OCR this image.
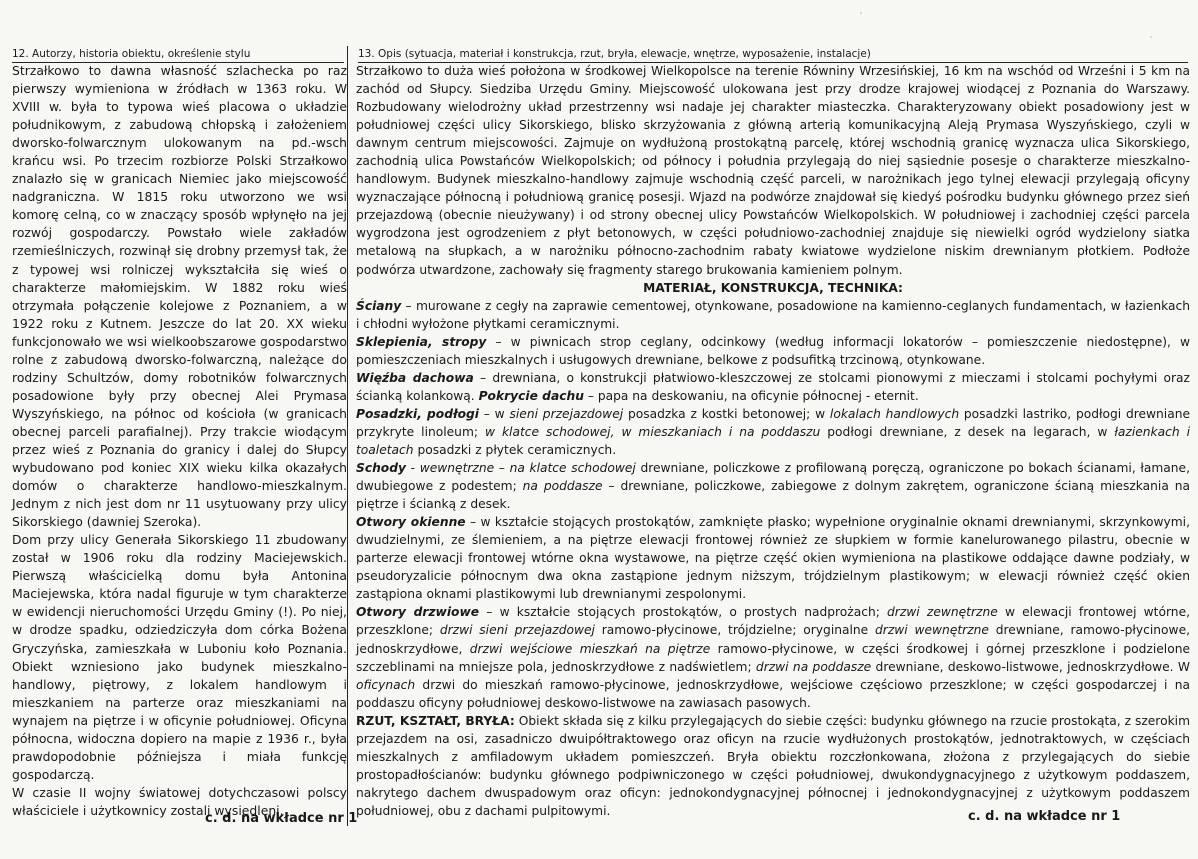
12. Autorzy, historia obiektu, określenie stylu	13. Opis (sytuacja, materiał i konstrukcja, rzut, bryła, elewacje, wnętrze, wyposażenie, instalacje)

Strzałkowo to dawna własność szlachecka po raz pierwszy wymieniona w źródłach w 1363 roku. W XVIII w. była to typowa wieś placowa o układzie południkowym, z zabudową chłopską i założeniem dworsko-folwarcznym ulokowanym na pd.-wsch krańcu wsi. Po trzecim rozbiorze Polski Strzałkowo znalazło się w granicach Niemiec jako miejscowość nadgraniczna. W 1815 roku utworzono we wsi komorę celną, co w znaczący sposób wpłynęło na jej rozwój gospodarczy. Powstało wiele zakładów rzemieślniczych, rozwinął się drobny przemysł tak, że z typowej wsi rolniczej wykształciła się wieś o charakterze małomiejskim. W 1882 roku wieś otrzymała połączenie kolejowe z Poznaniem, a w 1922 roku z Kutnem. Jeszcze do lat 20. XX wieku funkcjonowało we wsi wielkoobszarowe gospodarstwo rolne z zabudową dworsko-folwarczną, należące do rodziny Schultzów, domy robotników folwarcznych posadowione były przy obecnej Alei Prymasa Wyszyńskiego, na północ od kościoła (w granicach obecnej parceli parafialnej). Przy trakcie wiodącym przez wieś z Poznania do granicy i dalej do Słupcy wybudowano pod koniec XIX wieku kilka okazałych domów o charakterze handlowo-mieszkalnym. Jednym z nich jest dom nr 11 usytuowany przy ulicy Sikorskiego (dawniej Szeroka).

Dom przy ulicy Generała Sikorskiego 11 zbudowany został w 1906 roku dla rodziny Maciejewskich. Pierwszą właścicielką domu była Antonina Maciejewska, która nadal figuruje w tym charakterze w ewidencji nieruchomości Urzędu Gminy (!). Po niej, w drodze spadku, odziedziczyła dom córka Bożena Gryczyńska, zamieszkała w Luboniu koło Poznania. Obiekt wzniesiono jako budynek mieszkalno-handlowy, piętrowy, z lokalem handlowym i mieszkaniem na parterze oraz mieszkaniami na wynajem na piętrze i w oficynie południowej. Oficyna północna, widoczna dopiero na mapie z 1936 r., była prawdopodobnie późniejsza i miała funkcję gospodarczą.

W czasie II wojny światowej dotychczasowi polscy właściciele i użytkownicy zostali wysiedleni.

c. d. na wkładce nr 1

Strzałkowo to duża wieś położona w środkowej Wielkopolsce na terenie Równiny Wrzesińskiej, 16 km na wschód od Wrześni i 5 km na zachód od Słupcy. Siedziba Urzędu Gminy. Miejscowość ulokowana jest przy drodze krajowej wiodącej z Poznania do Warszawy. Rozbudowany wielodrożny układ przestrzenny wsi nadaje jej charakter miasteczka. Charakteryzowany obiekt posadowiony jest w południowej części ulicy Sikorskiego, blisko skrzyżowania z główną arterią komunikacyjną Aleją Prymasa Wyszyńskiego, czyli w dawnym centrum miejscowości. Zajmuje on wydłużoną prostokątną parcelę, której wschodnią granicę wyznacza ulica Sikorskiego, zachodnią ulica Powstańców Wielkopolskich; od północy i południa przylegają do niej sąsiednie posesje o charakterze mieszkalno-handlowym. Budynek mieszkalno-handlowy zajmuje wschodnią część parceli, w narożnikach jego tylnej elewacji przylegają oficyny wyznaczające północną i południową granicę posesji. Wjazd na podwórze znajdował się kiedyś pośrodku budynku głównego przez sień przejazdową (obecnie nieużywany) i od strony obecnej ulicy Powstańców Wielkopolskich. W południowej i zachodniej części parcela wygrodzona jest ogrodzeniem z płyt betonowych, w części południowo-zachodniej znajduje się niewielki ogród wydzielony siatka metalową na słupkach, a w narożniku północno-zachodnim rabaty kwiatowe wydzielone niskim drewnianym płotkiem. Podłoże podwórza utwardzone, zachowały się fragmenty starego brukowania kamieniem polnym.

MATERIAŁ, KONSTRUKCJA, TECHNIKA:

Ściany – murowane z cegły na zaprawie cementowej, otynkowane, posadowione na kamienno-ceglanych fundamentach, w łazienkach i chłodni wyłożone płytkami ceramicznymi.

Sklepienia, stropy – w piwnicach strop ceglany, odcinkowy (według informacji lokatorów – pomieszczenie niedostępne), w pomieszczeniach mieszkalnych i usługowych drewniane, belkowe z podsufitką trzcinową, otynkowane.

Więźba dachowa – drewniana, o konstrukcji płatwiowo-kleszczowej ze stolcami pionowymi z mieczami i stolcami pochyłymi oraz ścianką kolankową. Pokrycie dachu – papa na deskowaniu, na oficynie północnej - eternit.

Posadzki, podłogi – w sieni przejazdowej posadzka z kostki betonowej; w lokalach handlowych posadzki lastriko, podłogi drewniane przykryte linoleum; w klatce schodowej, w mieszkaniach i na poddaszu podłogi drewniane, z desek na legarach, w łazienkach i toaletach posadzki z płytek ceramicznych.

Schody - wewnętrzne – na klatce schodowej drewniane, policzkowe z profilowaną poręczą, ograniczone po bokach ścianami, łamane, dwubiegowe z podestem; na poddasze – drewniane, policzkowe, zabiegowe z dolnym zakrętem, ograniczone ścianą mieszkania na piętrze i ścianką z desek.

Otwory okienne – w kształcie stojących prostokątów, zamknięte płasko; wypełnione oryginalnie oknami drewnianymi, skrzynkowymi, dwudzielnymi, ze ślemieniem, a na piętrze elewacji frontowej również ze słupkiem w formie kanelurowanego pilastru, obecnie w parterze elewacji frontowej wtórne okna wystawowe, na piętrze część okien wymieniona na plastikowe oddające dawne podziały, w pseudoryzalicie północnym dwa okna zastąpione jednym niższym, trójdzielnym plastikowym; w elewacji również część okien zastąpiona oknami plastikowymi lub drewnianymi zespolonymi.

Otwory drzwiowe – w kształcie stojących prostokątów, o prostych nadprożach; drzwi zewnętrzne w elewacji frontowej wtórne, przeszklone; drzwi sieni przejazdowej ramowo-płycinowe, trójdzielne; oryginalne drzwi wewnętrzne drewniane, ramowo-płycinowe, jednoskrzydłowe, drzwi wejściowe mieszkań na piętrze ramowo-płycinowe, w części środkowej i górnej przeszklone i podzielone szczeblinami na mniejsze pola, jednoskrzydłowe z nadświetlem; drzwi na poddasze drewniane, deskowo-listwowe, jednoskrzydłowe. W oficynach drzwi do mieszkań ramowo-płycinowe, jednoskrzydłowe, wejściowe częściowo przeszklone; w części gospodarczej i na poddaszu oficyny południowej deskowo-listwowe na zawiasach pasowych.

RZUT, KSZTAŁT, BRYŁA: Obiekt składa się z kilku przylegających do siebie części: budynku głównego na rzucie prostokąta, z szerokim przejazdem na osi, zasadniczo dwuipółtraktowego oraz oficyn na rzucie wydłużonych prostokątów, jednotraktowych, w częściach mieszkalnych z amfiladowym układem pomieszczeń. Bryła obiektu rozczłonkowana, złożona z przylegających do siebie prostopadłościanów: budynku głównego podpiwniczonego w części południowej, dwukondygnacyjnego z użytkowym poddaszem, nakrytego dachem dwuspadowym oraz oficyn: jednokondygnacyjnej północnej i jednokondygnacyjnej z użytkowym poddaszem południowej, obu z dachami pulpitowymi.	c. d. na wkładce nr 1
